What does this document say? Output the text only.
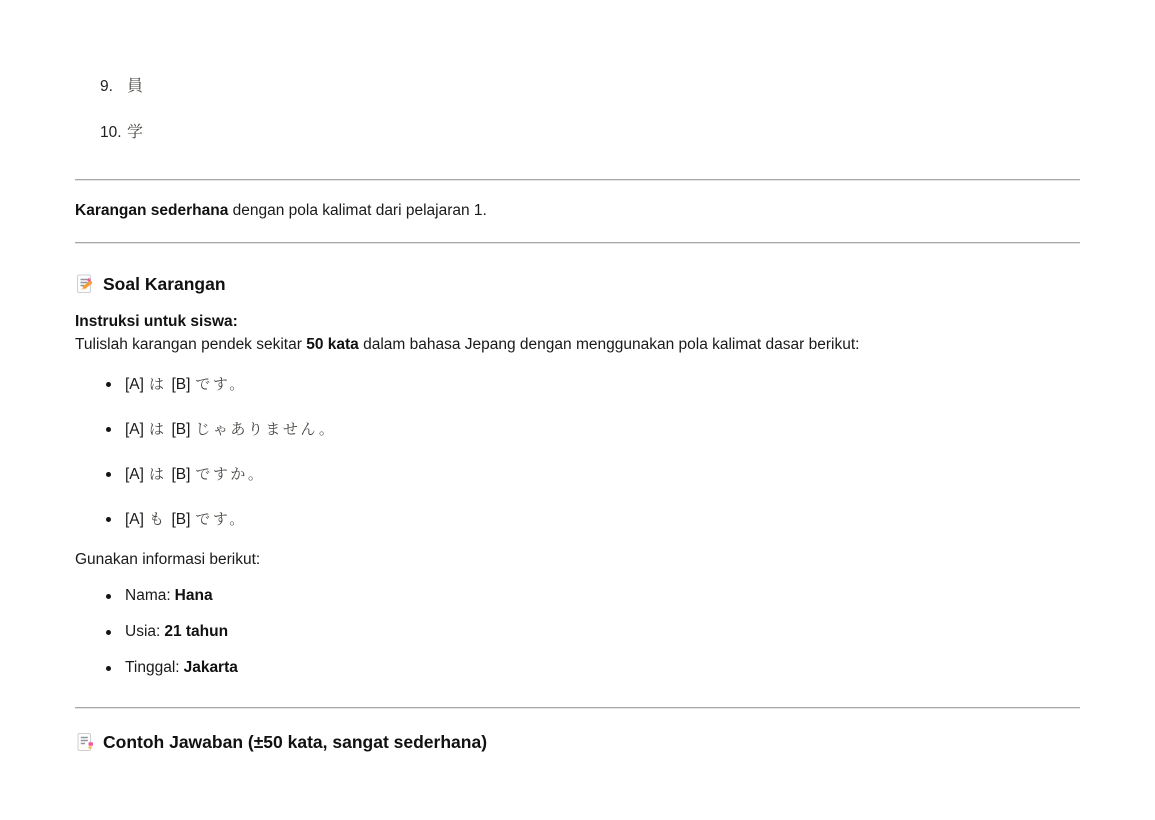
9. 員
10. 学

Karangan sederhana dengan pola kalimat dari pelajaran 1.

Soal Karangan

Instruksi untuk siswa:
Tulislah karangan pendek sekitar 50 kata dalam bahasa Jepang dengan menggunakan pola kalimat dasar berikut:

[A] は [B] です。
[A] は [B] じゃありません。
[A] は [B] ですか。
[A] も [B] です。

Gunakan informasi berikut:

Nama: Hana
Usia: 21 tahun
Tinggal: Jakarta
Contoh Jawaban (±50 kata, sangat sederhana)
